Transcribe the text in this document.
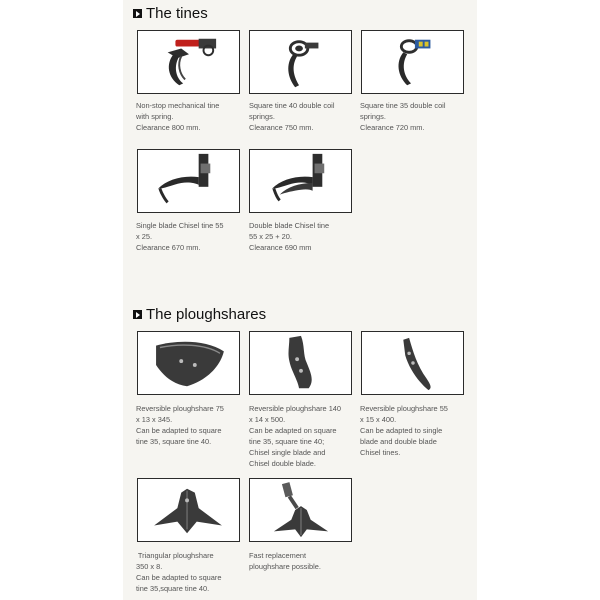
The tines
Non-stop mechanical tine
with spring.
Clearance 800 mm.
Square tine 40 double coil
springs.
Clearance 750 mm.
Square tine 35 double coil
springs.
Clearance 720 mm.
Single blade Chisel tine 55
x 25.
Clearance 670 mm.
Double blade Chisel tine
55 x 25 + 20.
Clearance 690 mm
The ploughshares
Reversible ploughshare 75
x 13 x 345.
Can be adapted to square
tine 35, square tine 40.
Reversible ploughshare 140
x 14 x 500.
Can be adapted on square
tine 35, square tine 40;
Chisel single blade and
Chisel double blade.
Reversible ploughshare 55
x 15 x 400.
Can be adapted to single
blade and double blade
Chisel tines.
Triangular ploughshare
350 x 8.
Can be adapted to square
tine 35,square tine 40.
Fast replacement
ploughshare possible.
